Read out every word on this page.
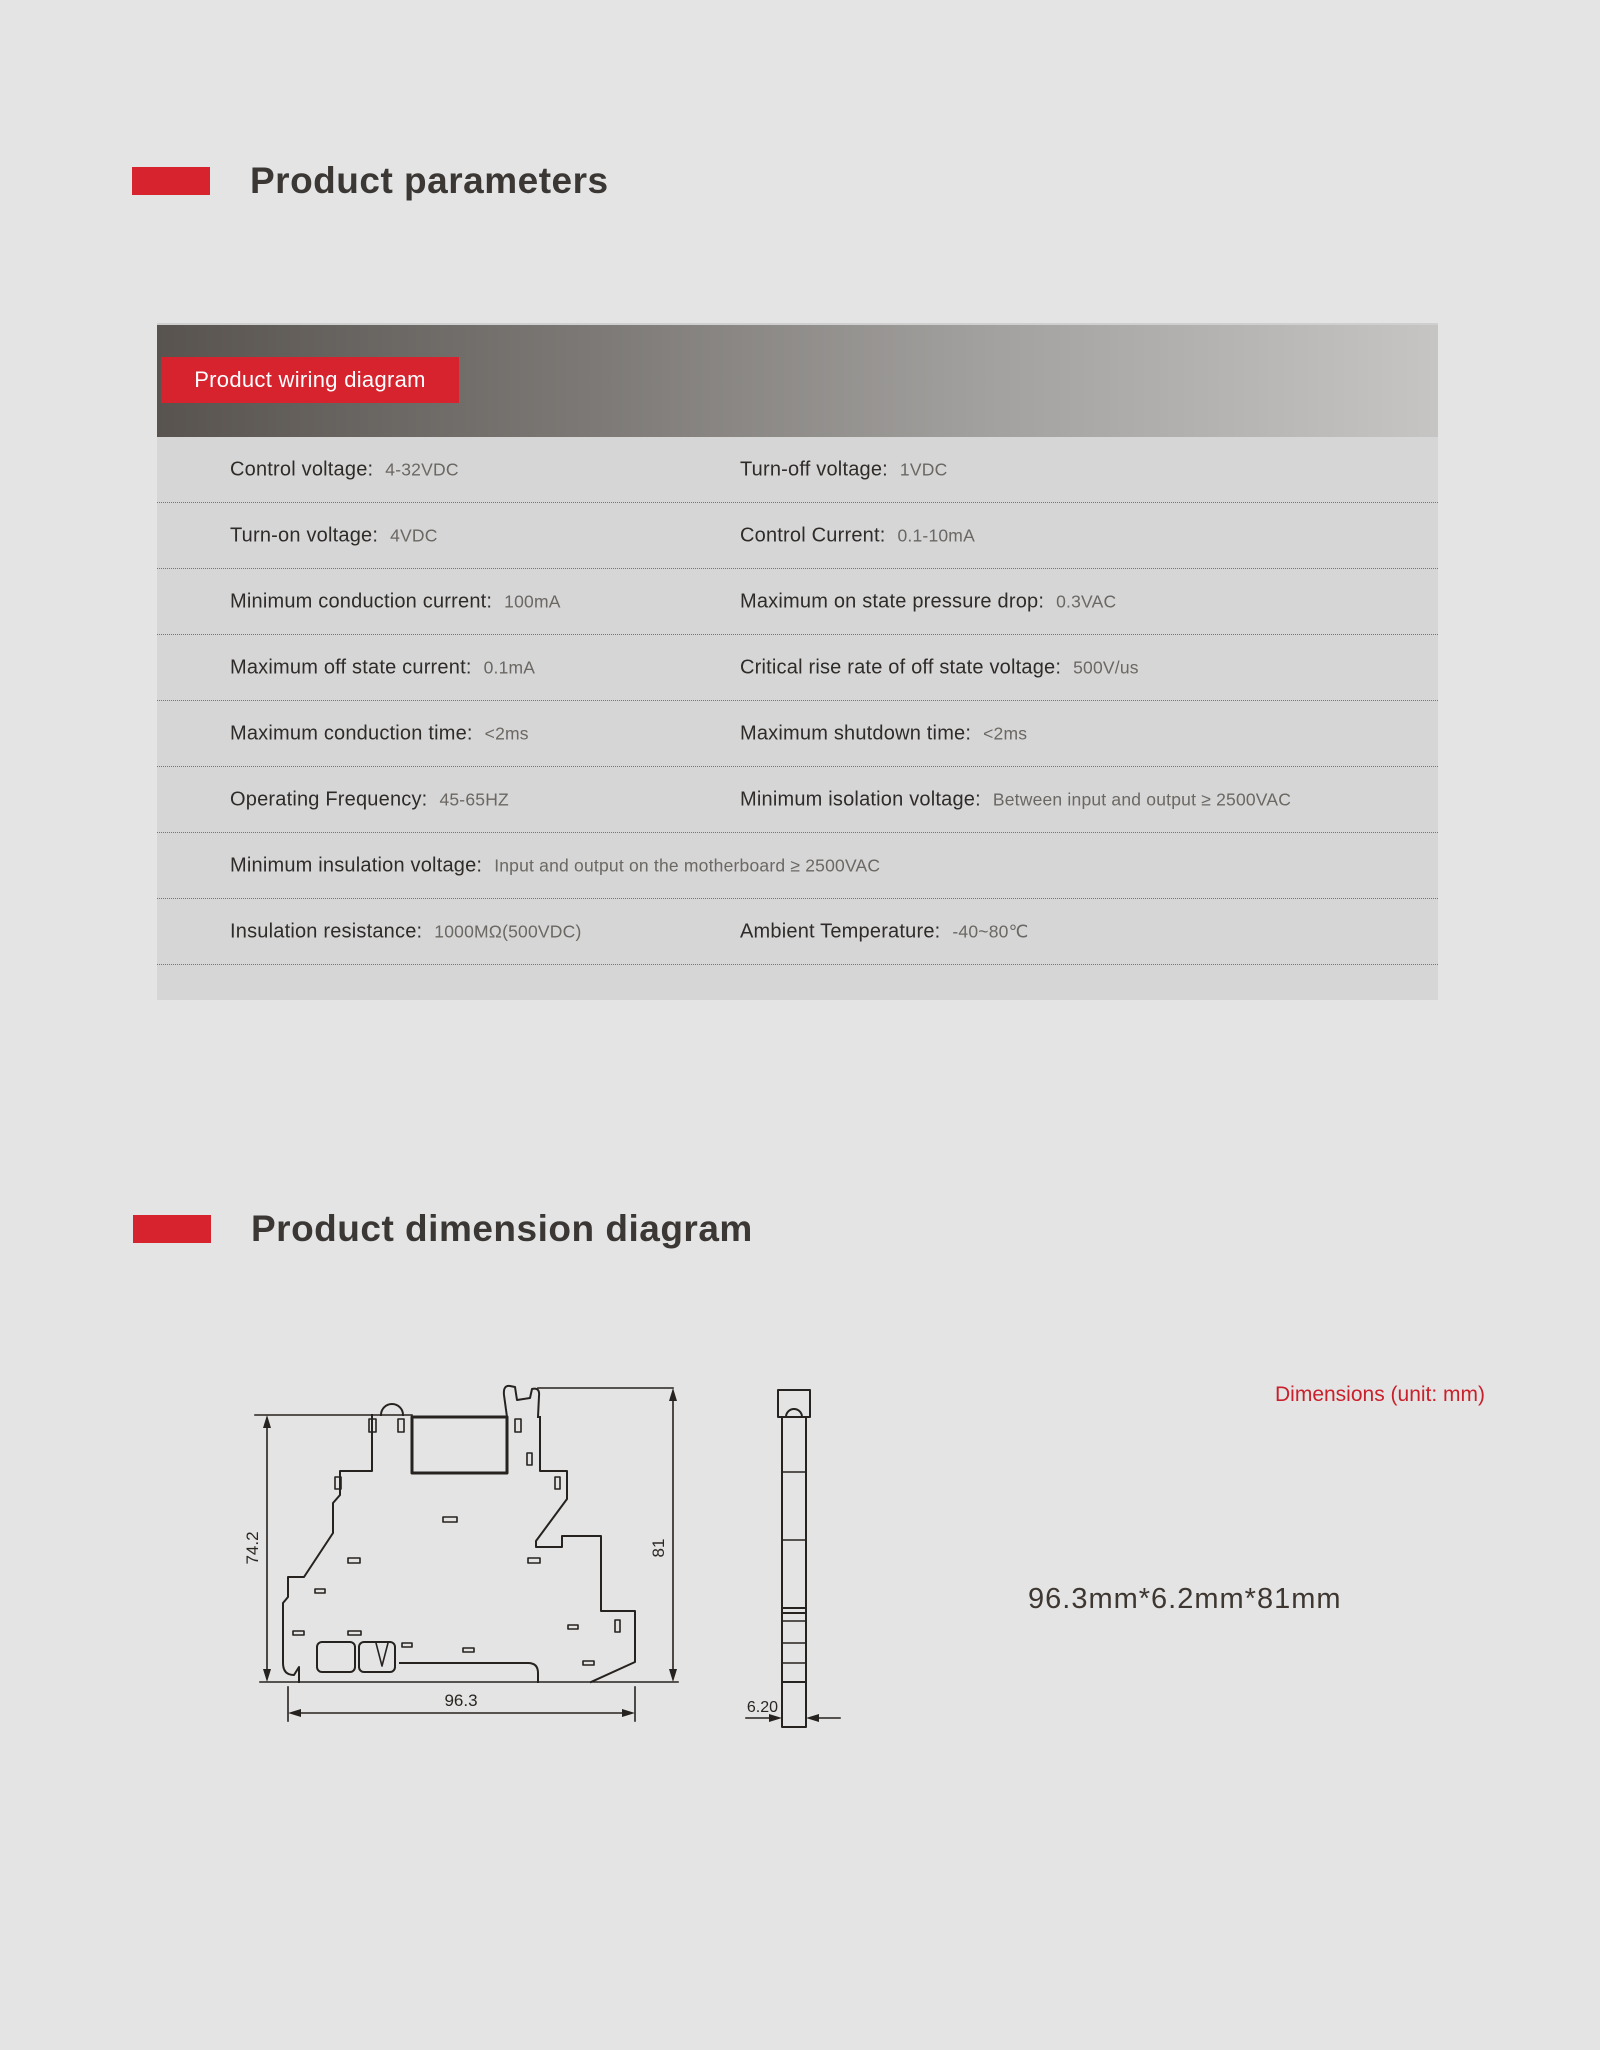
Product parameters
Product wiring diagram
Control voltage: 4-32VDC	Turn-off voltage: 1VDC
Turn-on voltage: 4VDC	Control Current: 0.1-10mA
Minimum conduction current: 100mA	Maximum on state pressure drop: 0.3VAC
Maximum off state current: 0.1mA	Critical rise rate of off state voltage: 500V/us
Maximum conduction time: <2ms	Maximum shutdown time: <2ms
Operating Frequency: 45-65HZ	Minimum isolation voltage: Between input and output ≥ 2500VAC
Minimum insulation voltage: Input and output on the motherboard ≥ 2500VAC
Insulation resistance: 1000MΩ(500VDC)	Ambient Temperature: -40~80℃
Product dimension diagram
96.3
74.2	81
6.20
Dimensions (unit: mm)
96.3mm*6.2mm*81mm
